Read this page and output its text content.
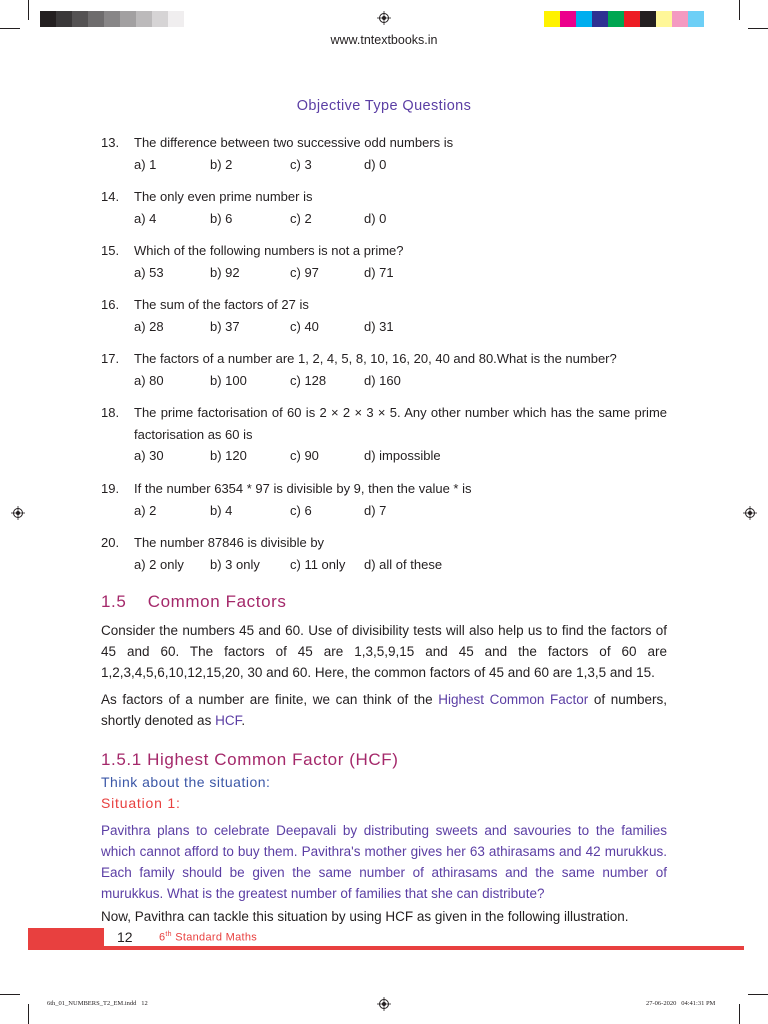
www.tntextbooks.in
Objective Type Questions
13. The difference between two successive odd numbers is
a) 1	b) 2	c) 3	d) 0
14. The only even prime number is
a) 4	b) 6	c) 2	d) 0
15. Which of the following numbers is not a prime?
a) 53	b) 92	c) 97	d) 71
16. The sum of the factors of 27 is
a) 28	b) 37	c) 40	d) 31
17. The factors of a number are 1, 2, 4, 5, 8, 10, 16, 20, 40 and 80.What is the number?
a) 80	b) 100	c) 128	d) 160
18. The prime factorisation of 60 is 2 × 2 × 3 × 5. Any other number which has the same prime factorisation as 60 is
a) 30	b) 120	c) 90	d) impossible
19. If the number 6354 * 97 is divisible by 9, then the value * is
a) 2	b) 4	c) 6	d) 7
20. The number 87846 is divisible by
a) 2 only b) 3 only c) 11 only d) all of these
1.5    Common Factors
Consider the numbers 45 and 60. Use of divisibility tests will also help us to find the factors of 45 and 60. The factors of 45 are 1,3,5,9,15 and 45 and the factors of 60 are 1,2,3,4,5,6,10,12,15,20, 30 and 60. Here, the common factors of 45 and 60 are 1,3,5 and 15.
As factors of a number are finite, we can think of the Highest Common Factor of numbers, shortly denoted as HCF.
1.5.1 Highest Common Factor (HCF)
Think about the situation:
Situation 1:
Pavithra plans to celebrate Deepavali by distributing sweets and savouries to the families which cannot afford to buy them. Pavithra's mother gives her 63 athirasams and 42 murukkus. Each family should be given the same number of athirasams and the same number of murukkus. What is the greatest number of families that she can distribute?
Now, Pavithra can tackle this situation by using HCF as given in the following illustration.
12 6th Standard Maths
6th_01_NUMBERS_T2_EM.indd   12	27-06-2020   04:41:31 PM
